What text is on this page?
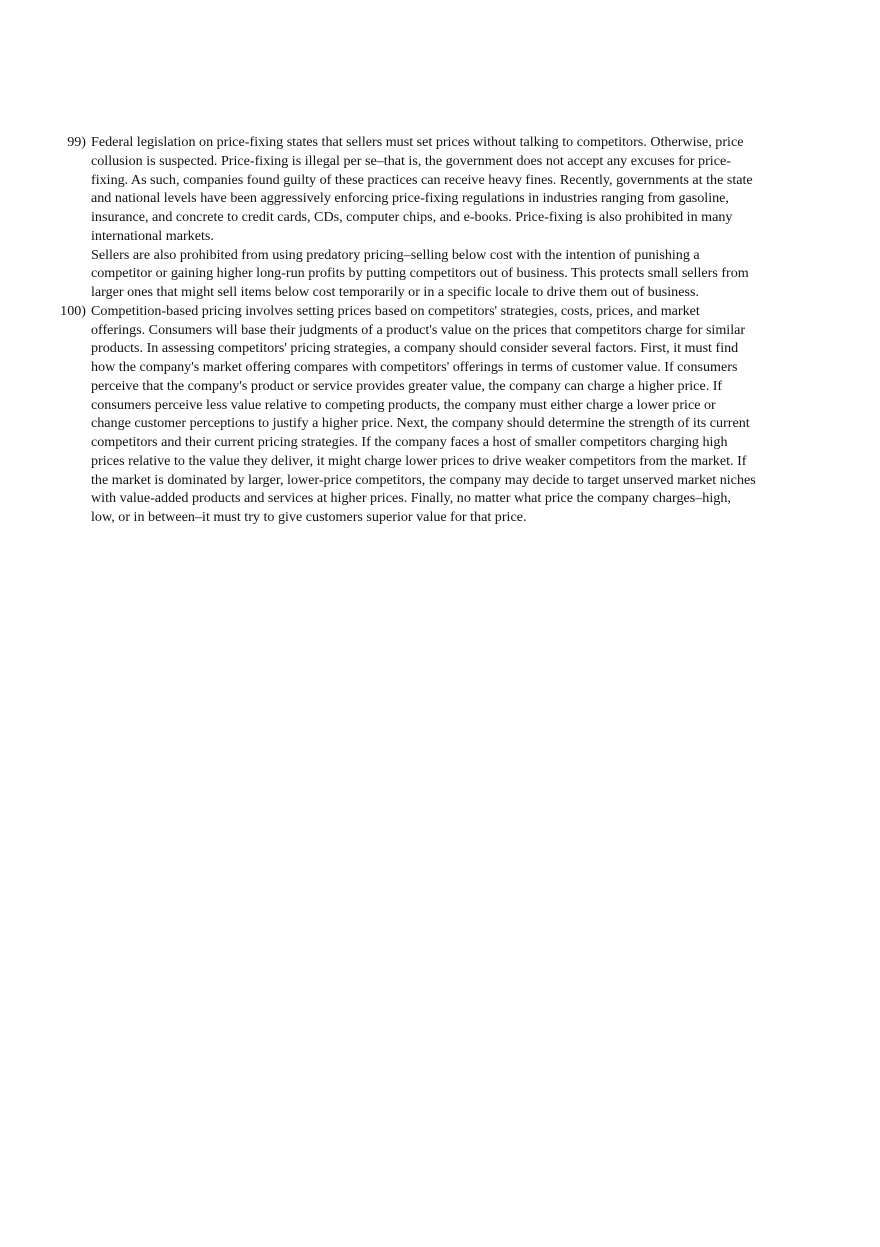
99) Federal legislation on price-fixing states that sellers must set prices without talking to competitors. Otherwise, price collusion is suspected. Price-fixing is illegal per se–that is, the government does not accept any excuses for price-fixing. As such, companies found guilty of these practices can receive heavy fines. Recently, governments at the state and national levels have been aggressively enforcing price-fixing regulations in industries ranging from gasoline, insurance, and concrete to credit cards, CDs, computer chips, and e-books. Price-fixing is also prohibited in many international markets.

Sellers are also prohibited from using predatory pricing–selling below cost with the intention of punishing a competitor or gaining higher long-run profits by putting competitors out of business. This protects small sellers from larger ones that might sell items below cost temporarily or in a specific locale to drive them out of business.

100) Competition-based pricing involves setting prices based on competitors' strategies, costs, prices, and market offerings. Consumers will base their judgments of a product's value on the prices that competitors charge for similar products. In assessing competitors' pricing strategies, a company should consider several factors. First, it must find how the company's market offering compares with competitors' offerings in terms of customer value. If consumers perceive that the company's product or service provides greater value, the company can charge a higher price. If consumers perceive less value relative to competing products, the company must either charge a lower price or change customer perceptions to justify a higher price. Next, the company should determine the strength of its current competitors and their current pricing strategies. If the company faces a host of smaller competitors charging high prices relative to the value they deliver, it might charge lower prices to drive weaker competitors from the market. If the market is dominated by larger, lower-price competitors, the company may decide to target unserved market niches with value-added products and services at higher prices. Finally, no matter what price the company charges–high, low, or in between–it must try to give customers superior value for that price.
